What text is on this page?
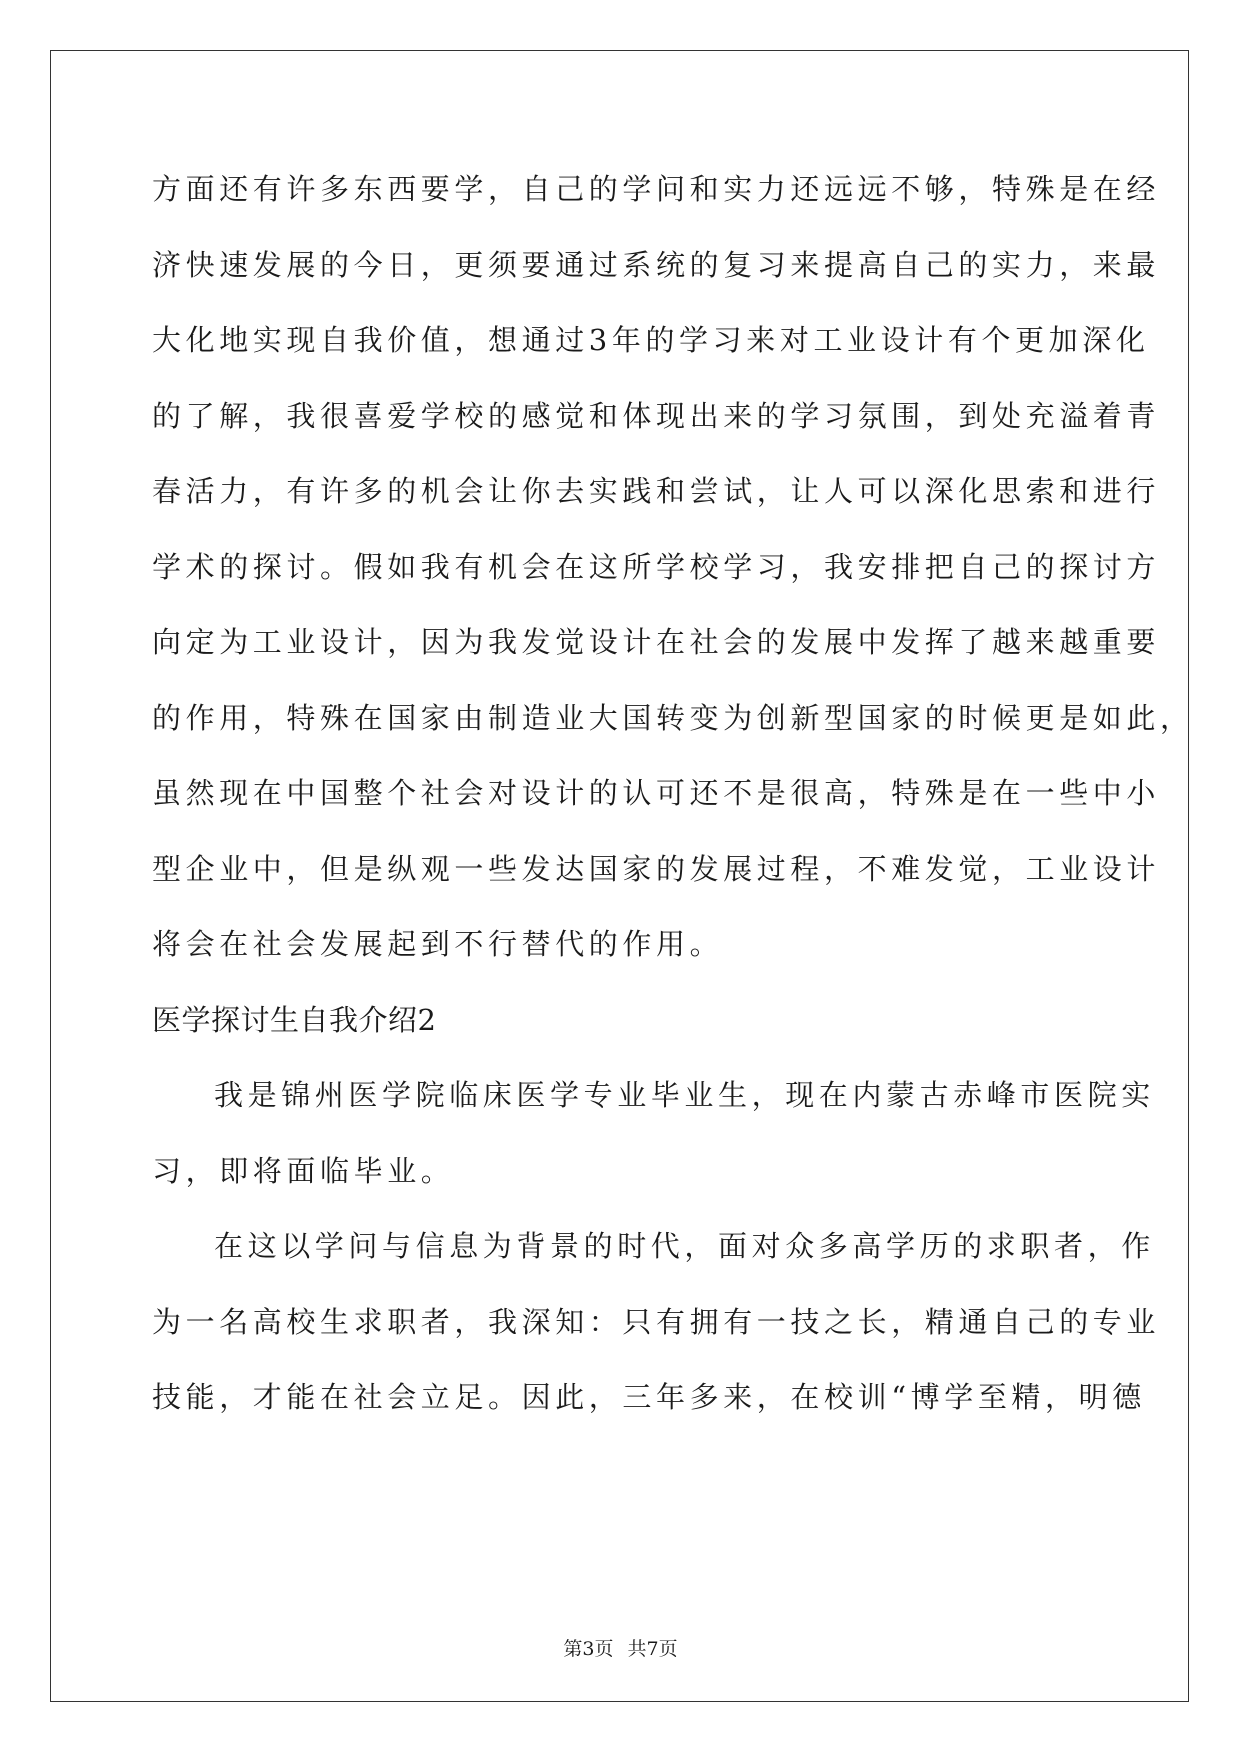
方面还有许多东西要学，自己的学问和实力还远远不够，特殊是在经
济快速发展的今日，更须要通过系统的复习来提高自己的实力，来最
大化地实现自我价值，想通过3年的学习来对工业设计有个更加深化
的了解，我很喜爱学校的感觉和体现出来的学习氛围，到处充溢着青
春活力，有许多的机会让你去实践和尝试，让人可以深化思索和进行
学术的探讨。假如我有机会在这所学校学习，我安排把自己的探讨方
向定为工业设计，因为我发觉设计在社会的发展中发挥了越来越重要
的作用，特殊在国家由制造业大国转变为创新型国家的时候更是如此，
虽然现在中国整个社会对设计的认可还不是很高，特殊是在一些中小
型企业中，但是纵观一些发达国家的发展过程，不难发觉，工业设计
将会在社会发展起到不行替代的作用。
医学探讨生自我介绍2
我是锦州医学院临床医学专业毕业生，现在内蒙古赤峰市医院实
习，即将面临毕业。
在这以学问与信息为背景的时代，面对众多高学历的求职者，作
为一名高校生求职者，我深知：只有拥有一技之长，精通自己的专业
技能，才能在社会立足。因此，三年多来，在校训“博学至精，明德
第3页 共7页
